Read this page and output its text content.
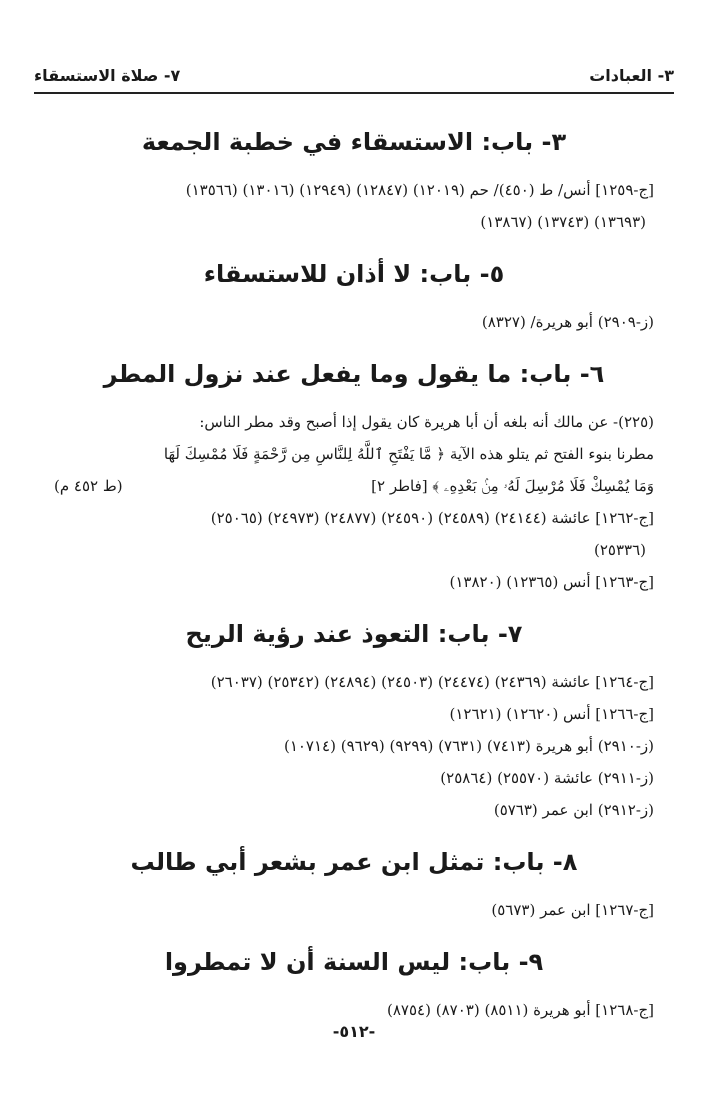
٣- العبادات
٧- صلاة الاستسقاء
٣- باب: الاستسقاء في خطبة الجمعة

[ج-١٢٥٩] أنس/ ط (٤٥٠)/ حم (١٢٠١٩) (١٢٨٤٧) (١٢٩٤٩) (١٣٠١٦) (١٣٥٦٦)

(١٣٦٩٣) (١٣٧٤٣) (١٣٨٦٧)

٥- باب: لا أذان للاستسقاء

(ز-٢٩٠٩) أبو هريرة/ (٨٣٢٧)

٦- باب: ما يقول وما يفعل عند نزول المطر

(٢٢٥)- عن مالك أنه بلغه أن أبا هريرة كان يقول إذا أصبح وقد مطر الناس:

مطرنا بنوء الفتح ثم يتلو هذه الآية ﴿ مَّا يَفْتَحِ ٱللَّهُ لِلنَّاسِ مِن رَّحْمَةٍ فَلَا مُمْسِكَ لَهَا

وَمَا يُمْسِكْ فَلَا مُرْسِلَ لَهُۥ مِنۢ بَعْدِهِۦ ﴾ [فاطر ٢]
(ط ٤٥٢ م)

[ج-١٢٦٢] عائشة (٢٤١٤٤) (٢٤٥٨٩) (٢٤٥٩٠) (٢٤٨٧٧) (٢٤٩٧٣) (٢٥٠٦٥)

(٢٥٣٣٦)

[ج-١٢٦٣] أنس (١٢٣٦٥) (١٣٨٢٠)

٧- باب: التعوذ عند رؤية الريح

[ج-١٢٦٤] عائشة (٢٤٣٦٩) (٢٤٤٧٤) (٢٤٥٠٣) (٢٤٨٩٤) (٢٥٣٤٢) (٢٦٠٣٧)

[ج-١٢٦٦] أنس (١٢٦٢٠) (١٢٦٢١)

(ز-٢٩١٠) أبو هريرة (٧٤١٣) (٧٦٣١) (٩٢٩٩) (٩٦٢٩) (١٠٧١٤)

(ز-٢٩١١) عائشة (٢٥٥٧٠) (٢٥٨٦٤)

(ز-٢٩١٢) ابن عمر (٥٧٦٣)

٨- باب: تمثل ابن عمر بشعر أبي طالب

[ج-١٢٦٧] ابن عمر (٥٦٧٣)

٩- باب: ليس السنة أن لا تمطروا

[ج-١٢٦٨] أبو هريرة (٨٥١١) (٨٧٠٣) (٨٧٥٤)

-٥١٢-
